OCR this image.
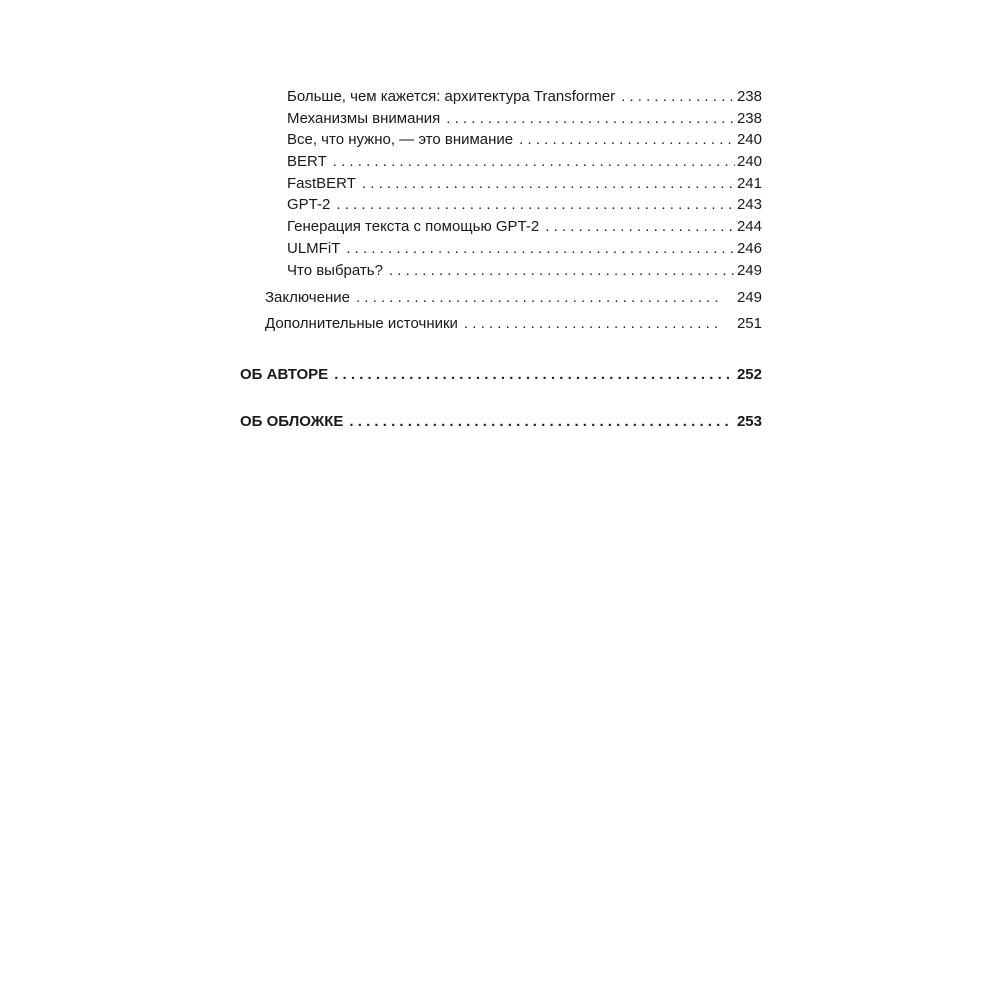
Больше, чем кажется: архитектура Transformer . . .	238
Механизмы внимания . . .	238
Все, что нужно, — это внимание . . .	240
BERT . . .	240
FastBERT . . .	241
GPT-2 . . .	243
Генерация текста с помощью GPT-2 . . .	244
ULMFiT . . .	246
Что выбрать? . . .	249
Заключение . . .	249
Дополнительные источники . . .	251
ОБ АВТОРЕ . . .	252
ОБ ОБЛОЖКЕ . . .	253
